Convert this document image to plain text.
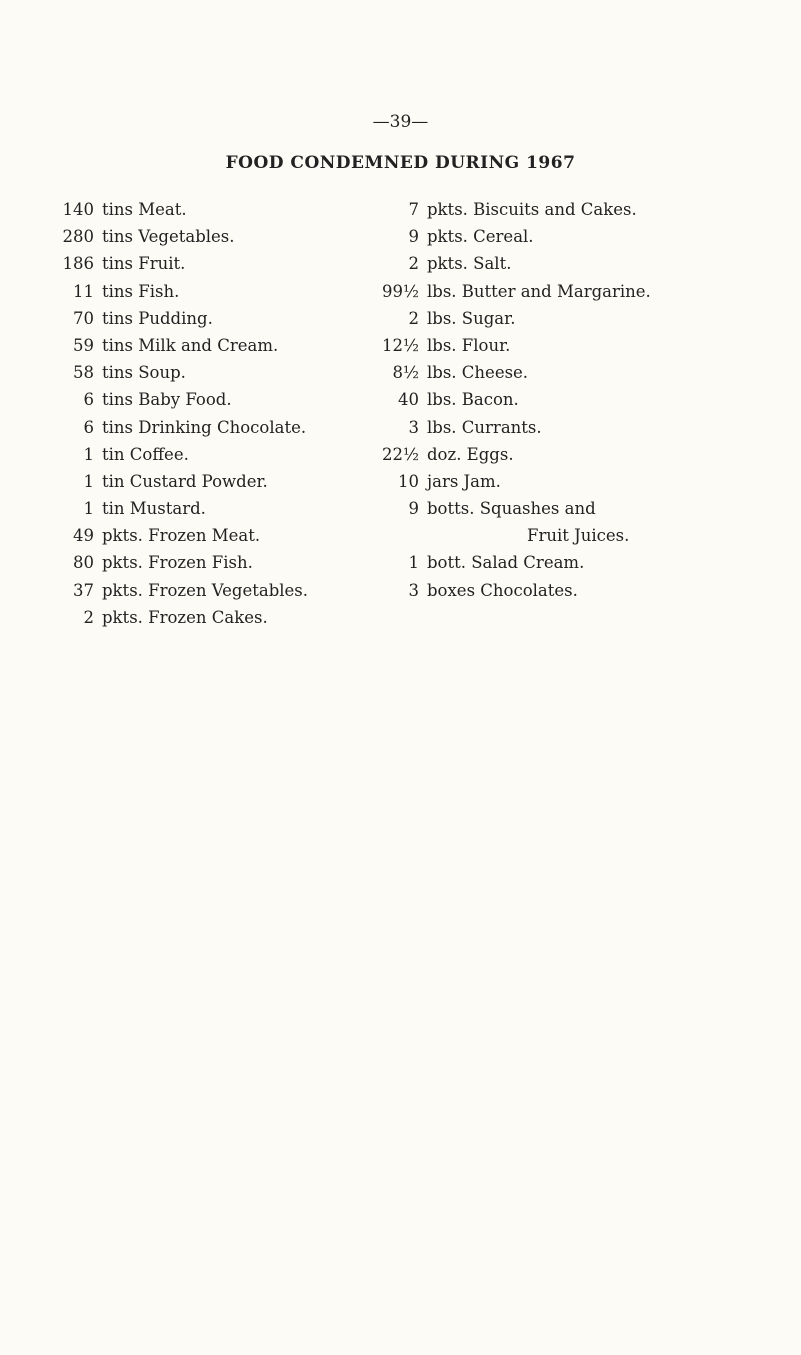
—39—
FOOD CONDEMNED DURING 1967
140 tins Meat.
280 tins Vegetables.
186 tins Fruit.
11 tins Fish.
70 tins Pudding.
59 tins Milk and Cream.
58 tins Soup.
6 tins Baby Food.
6 tins Drinking Chocolate.
1 tin Coffee.
1 tin Custard Powder.
1 tin Mustard.
49 pkts. Frozen Meat.
80 pkts. Frozen Fish.
37 pkts. Frozen Vegetables.
2 pkts. Frozen Cakes.
7 pkts. Biscuits and Cakes.
9 pkts. Cereal.
2 pkts. Salt.
99½ lbs. Butter and Margarine.
2 lbs. Sugar.
12½ lbs. Flour.
8½ lbs. Cheese.
40 lbs. Bacon.
3 lbs. Currants.
22½ doz. Eggs.
10 jars Jam.
9 botts. Squashes and
Fruit Juices.
1 bott. Salad Cream.
3 boxes Chocolates.
